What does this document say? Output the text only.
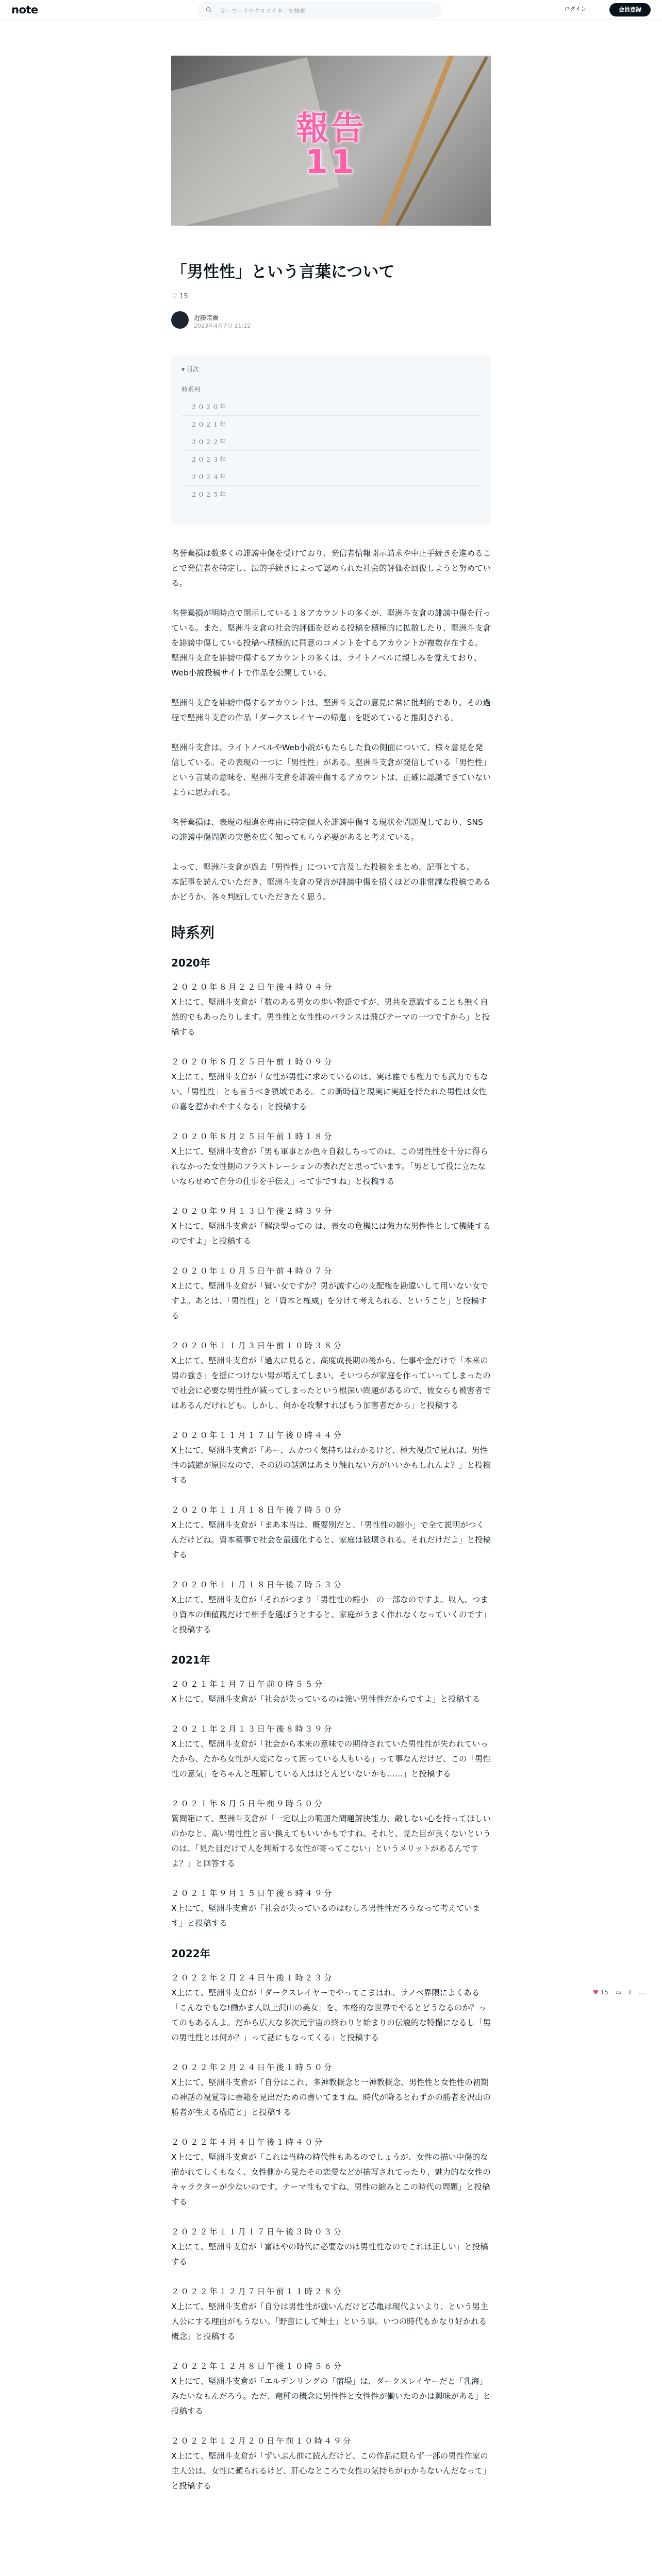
note	キーワードやクリエイターで検索	ログイン	会員登録
報告
11
「男性性」という言葉について
♡ 15
近藤宗爾
2023年4月7日 11:22
▾ 目次
時系列
２０２０年
２０２１年
２０２２年
２０２３年
２０２４年
２０２５年

名誉棄損は数多くの誹謗中傷を受けており、発信者情報開示請求や中止手続きを進めることで発信者を特定し、法的手続きによって認められた社会的評価を回復しようと努めている。

名誉棄損が明時点で開示している１８アカウントの多くが、堅洲斗支倉の誹謗中傷を行っている。また、堅洲斗支倉の社会的評価を貶める投稿を積極的に拡散したり、堅洲斗支倉を誹謗中傷している投稿へ積極的に同意のコメントをするアカウントが複数存在する。
堅洲斗支倉を誹謗中傷するアカウントの多くは、ライトノベルに親しみを覚えており、Web小説投稿サイトで作品を公開している。

堅洲斗支倉を誹謗中傷するアカウントは、堅洲斗支倉の意見に常に批判的であり、その過程で堅洲斗支倉の作品「ダークスレイヤーの帰還」を貶めていると推測される。

堅洲斗支倉は、ライトノベルやWeb小説がもたらした負の側面について、様々意見を発信している。その表現の一つに「男性性」がある。堅洲斗支倉が発信している「男性性」という言葉の意味を、堅洲斗支倉を誹謗中傷するアカウントは、正確に認識できていないように思われる。

名誉棄損は、表現の相違を理由に特定個人を誹謗中傷する現状を問題視しており、SNSの誹謗中傷問題の実態を広く知ってもらう必要があると考えている。

よって、堅洲斗支倉が過去「男性性」について言及した投稿をまとめ、記事とする。
本記事を読んでいただき、堅洲斗支倉の発言が誹謗中傷を招くほどの非常識な投稿であるかどうか、各々判断していただきたく思う。

時系列
2020年
２０２０年８月２２日午後４時０４分
X上にて、堅洲斗支倉が「数のある男女の歩い物語ですが、男共を意識することも無く自然的でもあったりします。男性性と女性性のバランスは飛びテーマの一つですから」と投稿する
２０２０年８月２５日午前１時０９分
X上にて、堅洲斗支倉が「女性が男性に求めているのは、実は誰でも権力でも武力でもない、「男性性」とも言うべき領域である。この斬時値と現実に実証を持たれた男性は女性の喜を惹かれやすくなる」と投稿する
２０２０年８月２５日午前１時１８分
X上にて、堅洲斗支倉が「男も軍事とか色々自殺しちってのは、この男性性を十分に得られなかった女性側のフラストレーションの表れだと思っています。「男として役に立たないならせめて自分の仕事を手伝え」って事ですね」と投稿する
２０２０年９月１３日午後２時３９分
X上にて、堅洲斗支倉が「解決型っての は、表女の危機には強力な男性性として機能するのですよ」と投稿する
２０２０年１０月５日午前４時０７分
X上にて、堅洲斗支倉が「賢い女ですか？男が滅す心の支配権を勘違いして用いない女ですよ。あとは、「男性性」と「資本と権威」を分けて考えられる、ということ」と投稿する
２０２０年１１月３日午前１０時３８分
X上にて、堅洲斗支倉が「過大に見ると、高度成長期の後から、仕事や金だけで「本来の男の強さ」を揺につけない男が増えてしまい、そいつらが家庭を作っていってしまったので社会に必要な男性性が減ってしまったという根深い問題があるので、彼女らも被害者ではあるんだけれども。しかし、何かを攻撃すればもう加害者だから」と投稿する
２０２０年１１月１７日午後０時４４分
X上にて、堅洲斗支倉が「あー、ムカつく気持ちはわかるけど、極大視点で見れば、男性性の減縮が原因なので、その辺の話題はあまり触れない方がいいかもしれんよ？」と投稿する
２０２０年１１月１８日午後７時５０分
X上にて、堅洲斗支倉が「まあ本当は、概要別だと、「男性性の縮小」で全て説明がつくんだけどね。資本蓄事で社会を最適化すると、家庭は破壊される。それだけだよ」と投稿する
２０２０年１１月１８日午後７時５３分
X上にて、堅洲斗支倉が「それがつまり「男性性の縮小」の一部なのですよ。収入、つまり資本の価値観だけで相手を選ぼうとすると、家庭がうまく作れなくなっていくのです」と投稿する
2021年
２０２１年１月７日午前０時５５分
X上にて、堅洲斗支倉が「社会が失っているのは強い男性性だからですよ」と投稿する
２０２１年２月１３日午後８時３９分
X上にて、堅洲斗支倉が「社会から本来の意味での期待されていた男性性が失われていったから、たから女性が大変になって困っている人もいる」って事なんだけど、この「男性性の意気」をちゃんと理解している人はほとんどいないかも……」と投稿する
２０２１年８月５日午前９時５０分
質問箱にて、堅洲斗支倉が「一定以上の範囲た問題解決能力、敵しない心を持ってほしいのかなと。高い男性性と言い換えてもいいかもですね。それと、見た目が良くないというのは、「見た目だけで人を判断する女性が寄ってこない」というメリットがあるんですよ？」と回答する
２０２１年９月１５日午後６時４９分
X上にて、堅洲斗支倉が「社会が失っているのはむしろ男性性だろうなって考えています」と投稿する
2022年
２０２２年２月２４日午後１時２３分
X上にて、堅洲斗支倉が「ダークスレイヤーでやってこまはれ、ラノベ界隈によくある「こんなでもな!働かま人以上沢山の美女」を、本格的な世界でやるとどうなるのか？ってのもあるんよ。だから広大な多次元宇宙の終わりと始まりの伝説的な特撮になるし「男の男性性とは何か？」って話にもなってくる」と投稿する
２０２２年２月２４日午後１時５０分
X上にて、堅洲斗支倉が「自分はこれ、多神教概念と一神教概念、男性性と女性性の初期の神話の視覚等に書籍を見出だための書いてますね。時代が降るとわずかの勝者を沢山の勝者が生える構造と」と投稿する
２０２２年４月４日午後１時４０分
X上にて、堅洲斗支倉が「これは当時の時代性もあるのでしょうが、女性の描い中傷的な描かれてしくもなく、女性側から見たその恋愛などが描写されてったり、魅力的な女性のキャラクターが少ないのです。テーマ性もですね、男性の縮みとこの時代の問題」と投稿する
２０２２年１１月１７日午後３時０３分
X上にて、堅洲斗支倉が「富はやの時代に必要なのは男性性なのでこれは正しい」と投稿する
２０２２年１２月７日午前１１時２８分
X上にて、堅洲斗支倉が「自分は男性性が強いんだけど芯亀は現代よいより、という男主人公にする理由がもうない。「野蛮にして紳士」という事。いつの時代もかなり好かれる概念」と投稿する
２０２２年１２月８日午後１０時５６分
X上にて、堅洲斗支倉が「エルデンリングの「宿場」は、ダークスレイヤーだと「乳海」みたいなもんだろう。ただ、竜種の概念に男性性と女性性が働いたのかは興味がある」と投稿する
２０２２年１２月２０日午前１０時４９分
X上にて、堅洲斗支倉が「ずいぶん前に読んだけど、この作品に限らず一部の男性作家の主人公は、女性に頼られるけど、肝心なところで女性の気持ちがわからないんだなって」と投稿する
♥ 15 ▭ ⇪ …
